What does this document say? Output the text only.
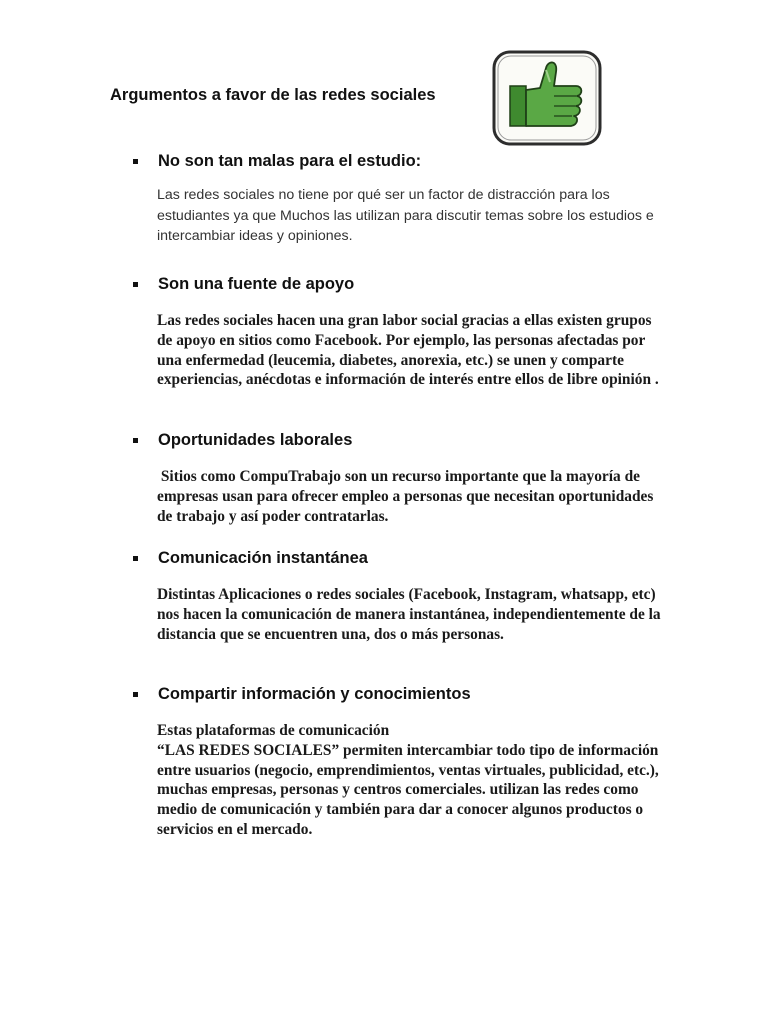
Argumentos a favor de las redes sociales
No son tan malas para el estudio:

Las redes sociales no tiene por qué ser un factor de distracción para los estudiantes ya que Muchos las utilizan para discutir temas sobre los estudios e intercambiar ideas y opiniones.

Son una fuente de apoyo

Las redes sociales hacen una gran labor social gracias a ellas existen grupos de apoyo en sitios como Facebook. Por ejemplo, las personas afectadas por una enfermedad (leucemia, diabetes, anorexia, etc.) se unen y comparte experiencias, anécdotas e información de interés entre ellos de libre opinión .

Oportunidades laborales

Sitios como CompuTrabajo son un recurso importante que la mayoría de empresas usan para ofrecer empleo a personas que necesitan oportunidades de trabajo y así poder contratarlas.

Comunicación instantánea

Distintas Aplicaciones o redes sociales (Facebook, Instagram, whatsapp, etc) nos hacen la comunicación de manera instantánea, independientemente de la distancia que se encuentren una, dos o más personas.

Compartir información y conocimientos

Estas plataformas de comunicación

“LAS REDES SOCIALES” permiten intercambiar todo tipo de información entre usuarios (negocio, emprendimientos, ventas virtuales, publicidad, etc.), muchas empresas, personas y centros comerciales. utilizan las redes como medio de comunicación y también para dar a conocer algunos productos o servicios en el mercado.
